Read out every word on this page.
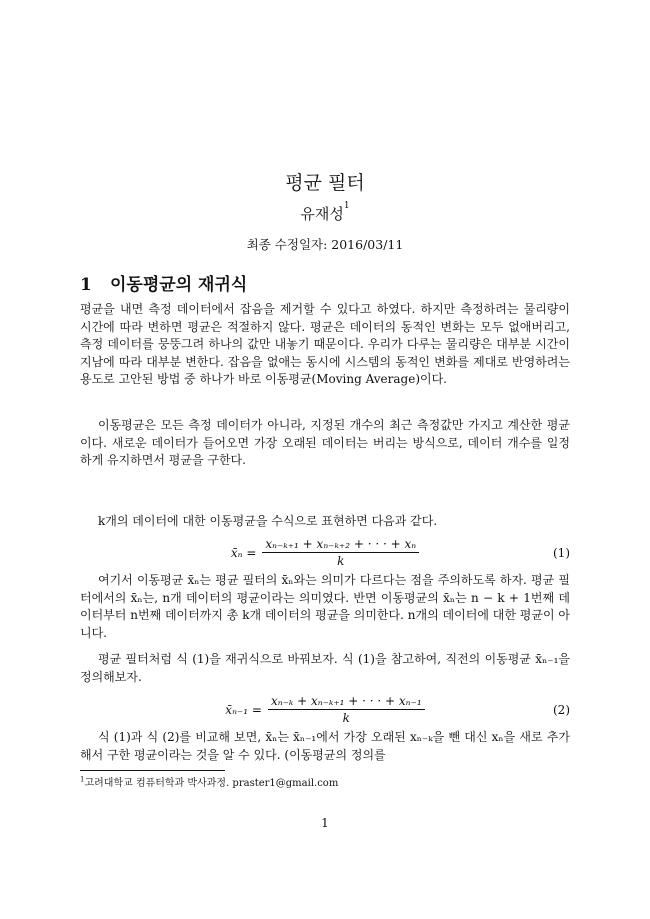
평균 필터
유재성$^1$
최종 수정일자: 2016/03/11
1 이동평균의 재귀식

평균을 내면 측정 데이터에서 잡음을 제거할 수 있다고 하였다. 하지만 측정하려는 물리량이 시간에 따라 변하면 평균은 적절하지 않다. 평균은 데이터의 동적인 변화는 모두 없애버리고, 측정 데이터를 뭉뚱그려 하나의 값만 내놓기 때문이다. 우리가 다루는 물리량은 대부분 시간이 지남에 따라 대부분 변한다. 잡음을 없애는 동시에 시스템의 동적인 변화를 제대로 반영하려는 용도로 고안된 방법 중 하나가 바로 이동평균(Moving Average)이다.

이동평균은 모든 측정 데이터가 아니라, 지정된 개수의 최근 측정값만 가지고 계산한 평균이다. 새로운 데이터가 들어오면 가장 오래된 데이터는 버리는 방식으로, 데이터 개수를 일정하게 유지하면서 평균을 구한다.

k개의 데이터에 대한 이동평균을 수식으로 표현하면 다음과 같다.

x̄ₙ = $\frac{\text{xₙ₋ₖ₊₁ + xₙ₋ₖ₊₂ + · · · + xₙ}}{k}$	(1)

여기서 이동평균 x̄ₙ는 평균 필터의 x̄ₙ와는 의미가 다르다는 점을 주의하도록 하자. 평균 필터에서의 x̄ₙ는, n개 데이터의 평균이라는 의미였다. 반면 이동평균의 x̄ₙ는 n − k + 1번째 데이터부터 n번째 데이터까지 총 k개 데이터의 평균을 의미한다. n개의 데이터에 대한 평균이 아니다.

평균 필터처럼 식 (1)을 재귀식으로 바꿔보자. 식 (1)을 참고하여, 직전의 이동평균 x̄ₙ₋₁을 정의해보자.

x̄ₙ₋₁ = $\frac{\text{xₙ₋ₖ + xₙ₋ₖ₊₁ + · · · + xₙ₋₁}}{k}$	(2)

식 (1)과 식 (2)를 비교해 보면, x̄ₙ는 x̄ₙ₋₁에서 가장 오래된 xₙ₋ₖ을 뺀 대신 xₙ을 새로 추가해서 구한 평균이라는 것을 알 수 있다. (이동평균의 정의를

$^1$고려대학교 컴퓨터학과 박사과정. praster1@gmail.com
1
